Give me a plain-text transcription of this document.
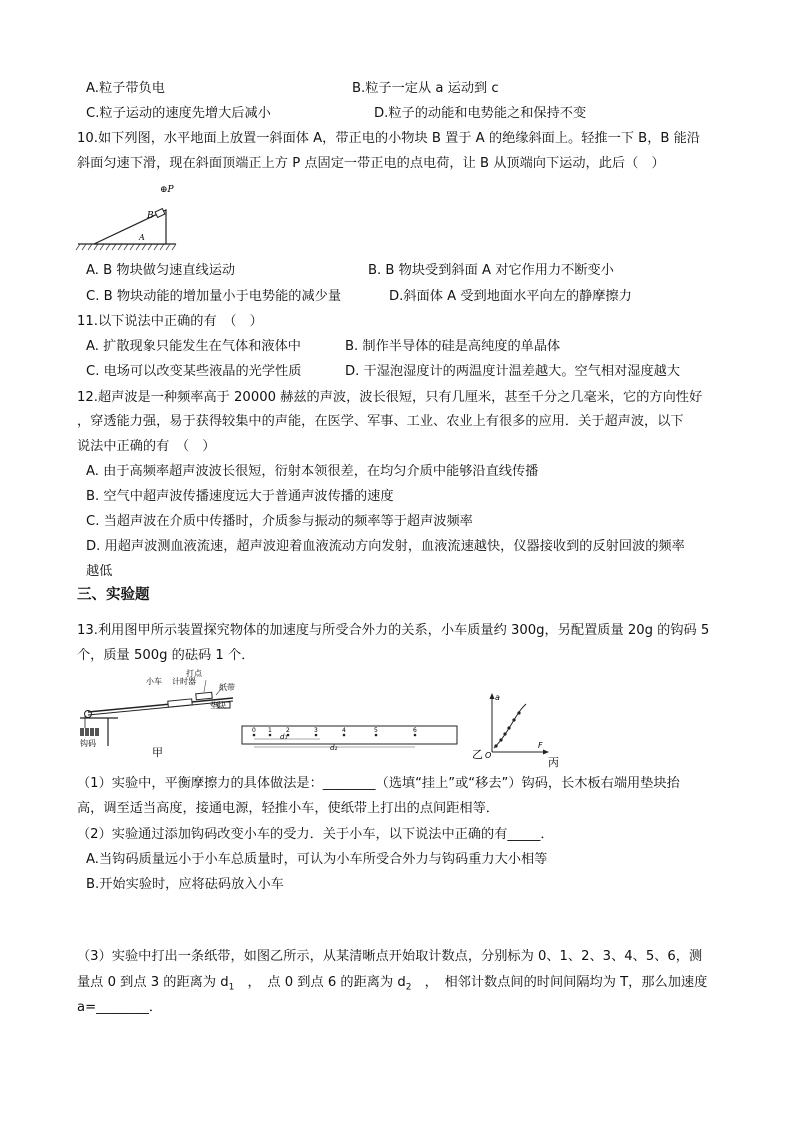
A.粒子带负电	B.粒子一定从 a 运动到 c
C.粒子运动的速度先增大后减小	D.粒子的动能和电势能之和保持不变
10.如下列图，水平地面上放置一斜面体 A，带正电的小物块 B 置于 A 的绝缘斜面上。轻推一下 B，B 能沿
斜面匀速下滑，现在斜面顶端正上方 P 点固定一带正电的点电荷，让 B 从顶端向下运动，此后（　）
⊕P
B
A
A. B 物块做匀速直线运动	B. B 物块受到斜面 A 对它作用力不断变小
C. B 物块动能的增加量小于电势能的减少量	D.斜面体 A 受到地面水平向左的静摩擦力
11.以下说法中正确的有　（　）
A. 扩散现象只能发生在气体和液体中	B. 制作半导体的硅是高纯度的单晶体
C. 电场可以改变某些液晶的光学性质	D. 干湿泡湿度计的两温度计温差越大。空气相对湿度越大
12.超声波是一种频率高于 20000 赫兹的声波，波长很短，只有几厘米，甚至千分之几毫米，它的方向性好
，穿透能力强，易于获得较集中的声能，在医学、军事、工业、农业上有很多的应用．关于超声波，以下
说法中正确的有　（　）
A. 由于高频率超声波波长很短，衍射本领很差，在均匀介质中能够沿直线传播
B. 空气中超声波传播速度远大于普通声波传播的速度
C. 当超声波在介质中传播时，介质参与振动的频率等于超声波频率
D. 用超声波测血液流速，超声波迎着血液流动方向发射，血液流速越快，仪器接收到的反射回波的频率
越低
三、实验题
13.利用图甲所示装置探究物体的加速度与所受合外力的关系，小车质量约 300g，另配置质量 20g 的钩码 5
个，质量 500g 的砝码 1 个．
打点
小车 计时器
纸带
垫块
钩码
甲
0 1 2	3	4	5	6
d₁
d₂	乙
a
F
O
丙
（1）实验中，平衡摩擦力的具体做法是：________（选填“挂上”或“移去”）钩码，长木板右端用垫块抬
高，调至适当高度，接通电源，轻推小车，使纸带上打出的点间距相等．
（2）实验通过添加钩码改变小车的受力．关于小车，以下说法中正确的有_____．
A.当钩码质量远小于小车总质量时，可认为小车所受合外力与钩码重力大小相等
B.开始实验时，应将砝码放入小车
（3）实验中打出一条纸带，如图乙所示，从某清晰点开始取计数点，分别标为 0、1、2、3、4、5、6，测
量点 0 到点 3 的距离为 $d_1$　，　点 0 到点 6 的距离为 $d_2$　，　相邻计数点间的时间间隔均为 T，那么加速度
a=________．
